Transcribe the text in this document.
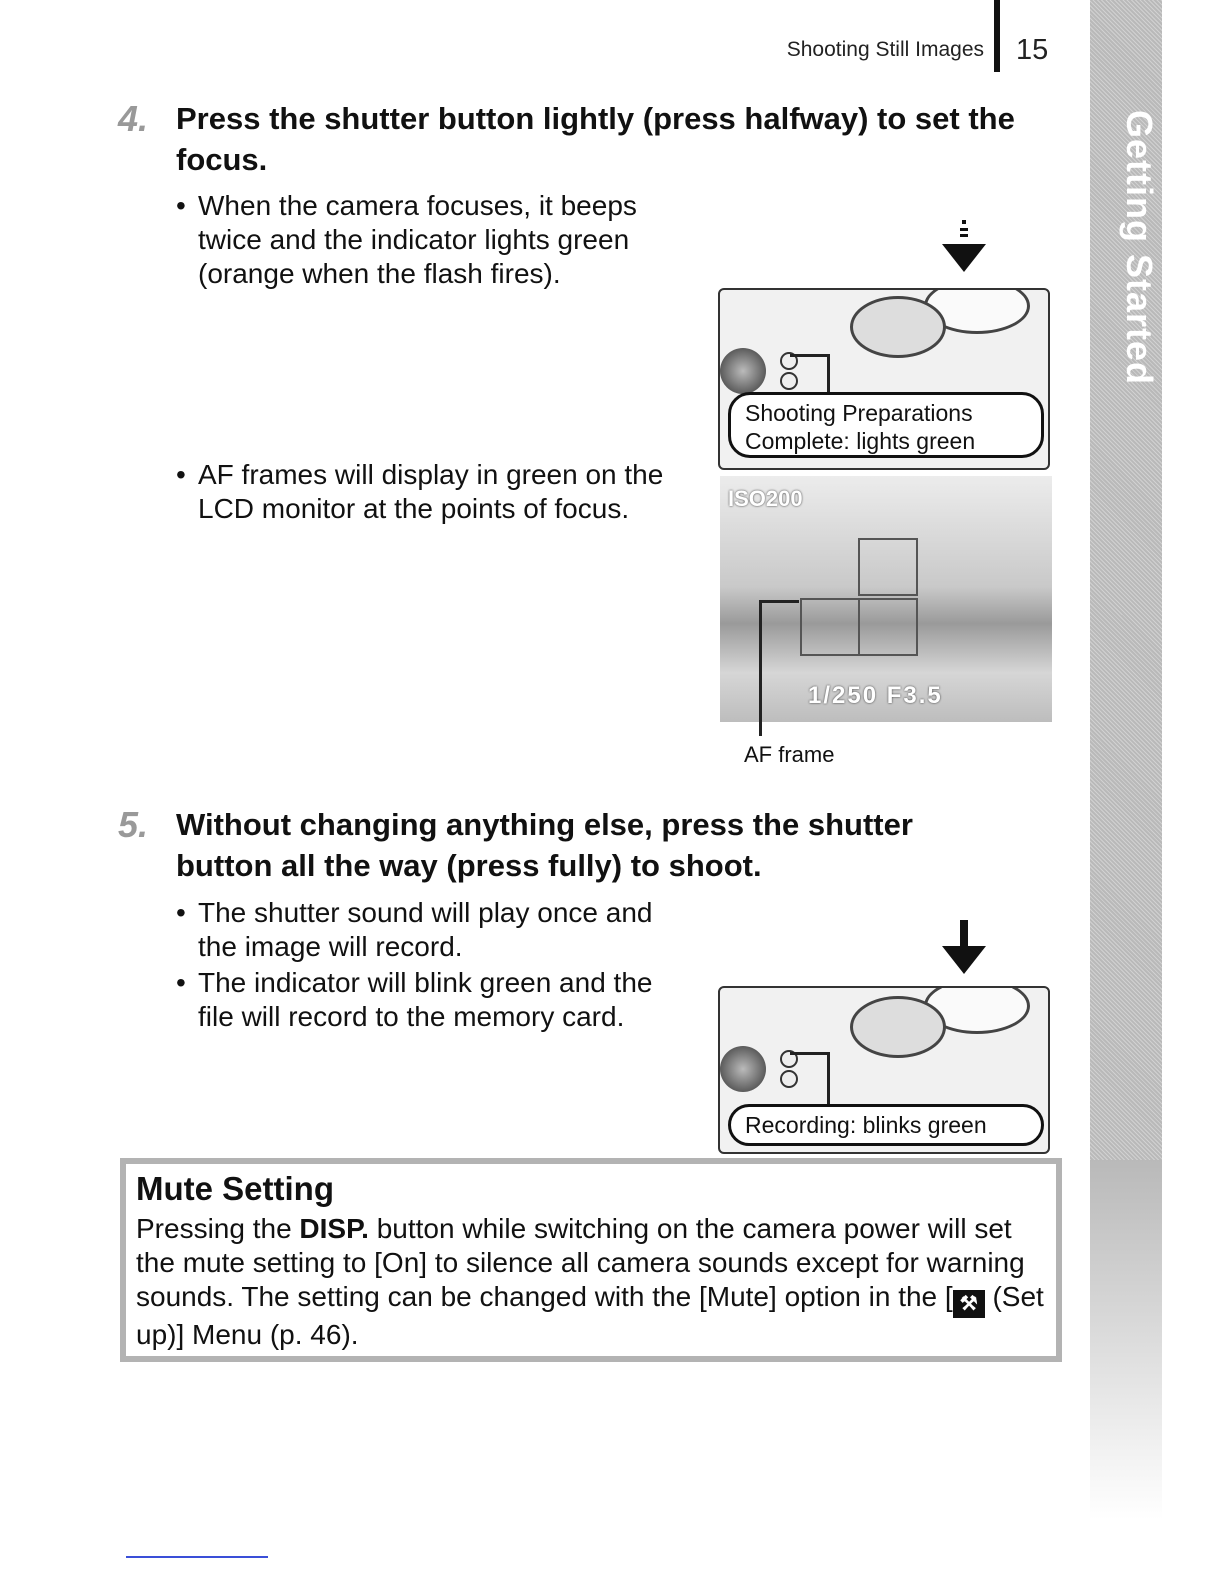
Shooting Still Images 15
Getting Started
4. Press the shutter button lightly (press halfway) to set the focus.
• When the camera focuses, it beeps twice and the indicator lights green (orange when the flash fires).
• AF frames will display in green on the LCD monitor at the points of focus.
Shooting Preparations
Complete: lights green
ISO200
1/250 F3.5
AF frame
5. Without changing anything else, press the shutter button all the way (press fully) to shoot.
• The shutter sound will play once and the image will record.
• The indicator will blink green and the file will record to the memory card.
Recording: blinks green
Mute Setting
Pressing the DISP. button while switching on the camera power will set the mute setting to [On] to silence all camera sounds except for warning sounds. The setting can be changed with the [Mute] option in the [ ⚒ (Set up)] Menu (p. 46).
